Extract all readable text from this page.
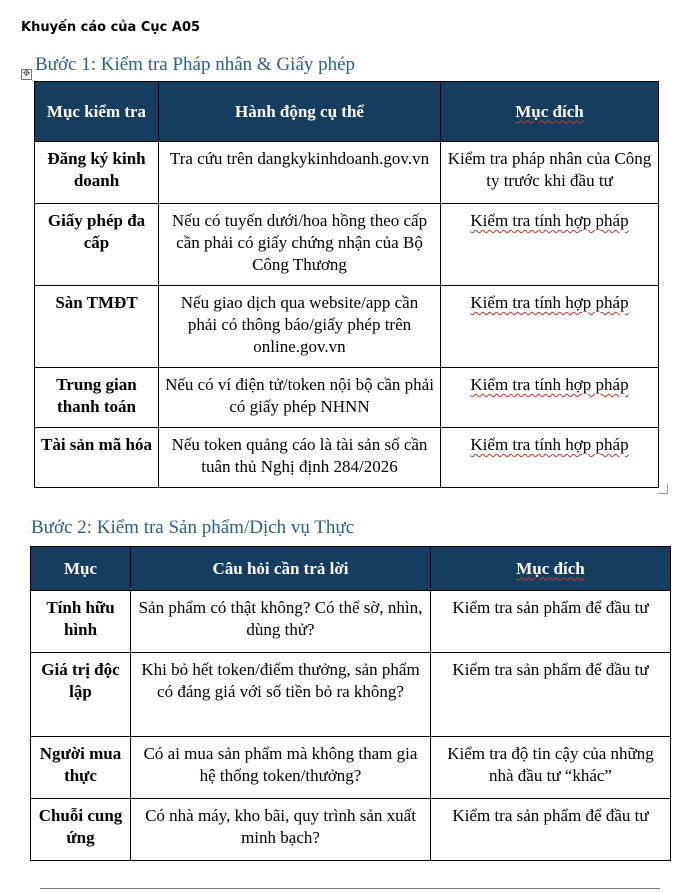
Khuyến cáo của Cục A05
Bước 1: Kiểm tra Pháp nhân & Giấy phép
✥
Mục kiểm tra	Hành động cụ thể	Mục đích
Đăng ký kinh doanh	Tra cứu trên dangkykinhdoanh.gov.vn	Kiểm tra pháp nhân của Công ty trước khi đầu tư
Giấy phép đa cấp	Nếu có tuyến dưới/hoa hồng theo cấp cần phải có giấy chứng nhận của Bộ Công Thương	Kiểm tra tính hợp pháp
Sàn TMĐT	Nếu giao dịch qua website/app cần phải có thông báo/giấy phép trên online.gov.vn	Kiểm tra tính hợp pháp
Trung gian thanh toán	Nếu có ví điện tử/token nội bộ cần phải có giấy phép NHNN	Kiểm tra tính hợp pháp
Tài sản mã hóa	Nếu token quảng cáo là tài sản số cần tuân thủ Nghị định 284/2026	Kiểm tra tính hợp pháp
Bước 2: Kiểm tra Sản phẩm/Dịch vụ Thực
Mục	Câu hỏi cần trả lời	Mục đích
Tính hữu hình	Sản phẩm có thật không? Có thể sờ, nhìn, dùng thử?	Kiểm tra sản phẩm để đầu tư
Giá trị độc lập	Khi bỏ hết token/điểm thưởng, sản phẩm có đáng giá với số tiền bỏ ra không?	Kiểm tra sản phẩm để đầu tư
Người mua thực	Có ai mua sản phẩm mà không tham gia hệ thống token/thưởng?	Kiểm tra độ tin cậy của những nhà đầu tư “khác”
Chuỗi cung ứng	Có nhà máy, kho bãi, quy trình sản xuất minh bạch?	Kiểm tra sản phẩm để đầu tư
